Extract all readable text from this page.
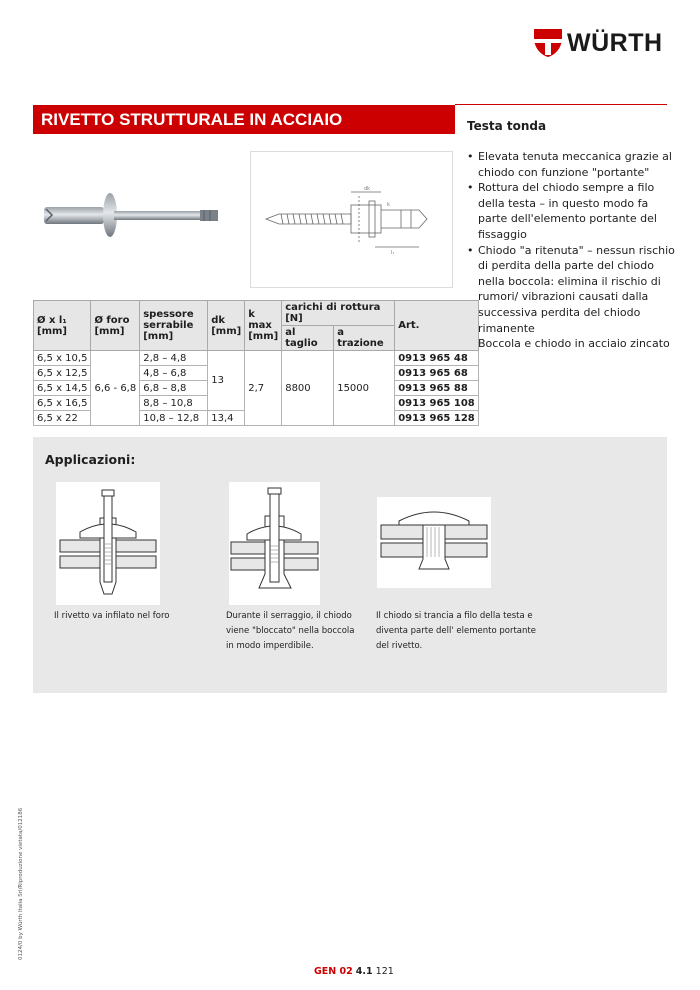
WÜRTH
RIVETTO STRUTTURALE IN ACCIAIO	Testa tonda
• Elevata tenuta meccanica grazie al chiodo con funzione "portante"
• Rottura del chiodo sempre a filo della testa – in questo modo fa parte dell'elemento portante del fissaggio
• Chiodo "a ritenuta" – nessun rischio di perdita della parte del chiodo nella boccola: elimina il rischio di rumori/ vibrazioni causati dalla successiva perdita del chiodo rimanente
• Boccola e chiodo in acciaio zincato
dk
l₁
k
Ø x l₁ [mm]	Ø foro [mm]	spessore serrabile [mm]	dk [mm]	k max [mm]	carichi di rottura [N]		Art.
					al taglio	a trazione	
6,5 x 10,5	6,6 - 6,8	2,8 – 4,8	13	2,7	8800	15000	0913 965 48
6,5 x 12,5		4,8 – 6,8					0913 965 68
6,5 x 14,5		6,8 – 8,8					0913 965 88
6,5 x 16,5		8,8 – 10,8					0913 965 108
6,5 x 22		10,8 – 12,8	13,4				0913 965 128
Applicazioni:
Il rivetto va infilato nel foro	Durante il serraggio, il chiodo viene "bloccato" nella boccola in modo imperdibile.
Il chiodo si trancia a filo della testa e diventa parte dell' elemento portante del rivetto.
0124/0 by Würth Italia Srl/Riproduzione vietata/012186
GEN 02 4.1 121
